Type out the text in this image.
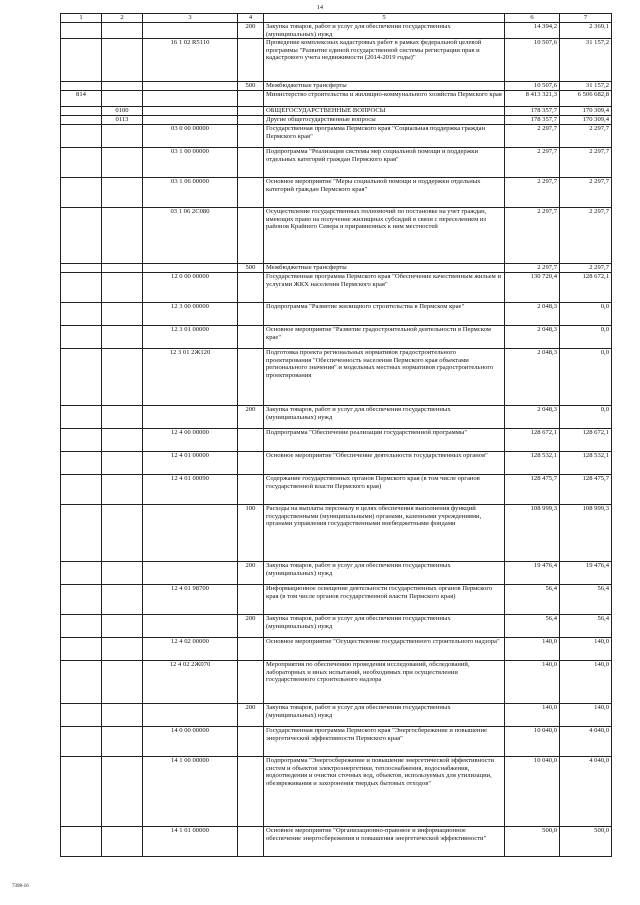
14
1	2	3	4	5	6	7
			200	Закупка товаров, работ и услуг для обеспечения государственных (муниципальных) нужд	14 394,2	2 369,1
		16 1 02 R5110		Проведение комплексных кадастровых работ в рамках федеральной целевой программы "Развитие единой государственной системы регистрации прав и кадастрового учета недвижимости (2014-2019 годы)"	10 507,6	31 157,2
			500	Межбюджетные трансферты	10 507,6	31 157,2
814				Министерство строительства и жилищно-коммунального хозяйства Пермского края	8 413 321,3	6 506 682,8
	0100			ОБЩЕГОСУДАРСТВЕННЫЕ ВОПРОСЫ	178 357,7	170 309,4
	0113			Другие общегосударственные вопросы	178 357,7	170 309,4
		03 0 00 00000		Государственная программа Пермского края "Социальная поддержка граждан Пермского края"	2 297,7	2 297,7
		03 1 00 00000		Подпрограмма "Реализация системы мер социальной помощи и поддержки отдельных категорий граждан Пермского края"	2 297,7	2 297,7
		03 1 06 00000		Основное мероприятие "Меры социальной помощи и поддержки отдельных категорий граждан Пермского края"	2 297,7	2 297,7
		03 1 06 2С080		Осуществление государственных полномочий по постановке на учет граждан, имеющих право на получение жилищных субсидий в связи с переселением из районов Крайнего Севера и приравненных к ним местностей	2 297,7	2 297,7
			500	Межбюджетные трансферты	2 297,7	2 297,7
		12 0 00 00000		Государственная программа Пермского края "Обеспечение качественным жильем и услугами ЖКХ населения Пермского края"	130 720,4	128 672,1
		12 3 00 00000		Подпрограмма "Развитие жилищного строительства в Пермском крае"	2 048,3	0,0
		12 3 01 00000		Основное мероприятие "Развитие градостроительной деятельности в Пермском крае"	2 048,3	0,0
		12 3 01 2Ж120		Подготовка проекта региональных нормативов градостроительного проектирования "Обеспеченность населения Пермского края объектами регионального значения" и модельных местных нормативов градостроительного проектирования	2 048,3	0,0
			200	Закупка товаров, работ и услуг для обеспечения государственных (муниципальных) нужд	2 048,3	0,0
		12 4 00 00000		Подпрограмма "Обеспечение реализации государственной программы"	128 672,1	128 672,1
		12 4 01 00000		Основное мероприятие "Обеспечение деятельности государственных органов"	128 532,1	128 532,1
		12 4 01 00090		Содержание государственных органов Пермского края (в том числе органов государственной власти Пермского края)	128 475,7	128 475,7
			100	Расходы на выплаты персоналу в целях обеспечения выполнения функций государственными (муниципальными) органами, казенными учреждениями, органами управления государственными внебюджетными фондами	108 999,3	108 999,3
			200	Закупка товаров, работ и услуг для обеспечения государственных (муниципальных) нужд	19 476,4	19 476,4
		12 4 01 98700		Информационное освещение деятельности государственных органов Пермского края (в том числе органов государственной власти Пермского края)	56,4	56,4
			200	Закупка товаров, работ и услуг для обеспечения государственных (муниципальных) нужд	56,4	56,4
		12 4 02 00000		Основное мероприятие "Осуществление государственного строительного надзора"	140,0	140,0
		12 4 02 2Ж070		Мероприятия по обеспечению проведения исследований, обследований, лабораторных и иных испытаний, необходимых при осуществлении государственного строительного надзора	140,0	140,0
			200	Закупка товаров, работ и услуг для обеспечения государственных (муниципальных) нужд	140,0	140,0
		14 0 00 00000		Государственная программа Пермского края "Энергосбережение и повышение энергетической эффективности Пермского края"	10 040,0	4 040,0
		14 1 00 00000		Подпрограмма "Энергосбережение и повышение энергетической эффективности систем и объектов электроэнергетики, теплоснабжения, водоснабжения, водоотведения и очистки сточных вод, объектов, используемых для утилизации, обезвреживания и захоронения твердых бытовых отходов"	10 040,0	4 040,0
		14 1 01 00000		Основное мероприятие "Организационно-правовое и информационное обеспечение энергосбережения и повышения энергетической эффективности"	500,0	500,0
7398-16
